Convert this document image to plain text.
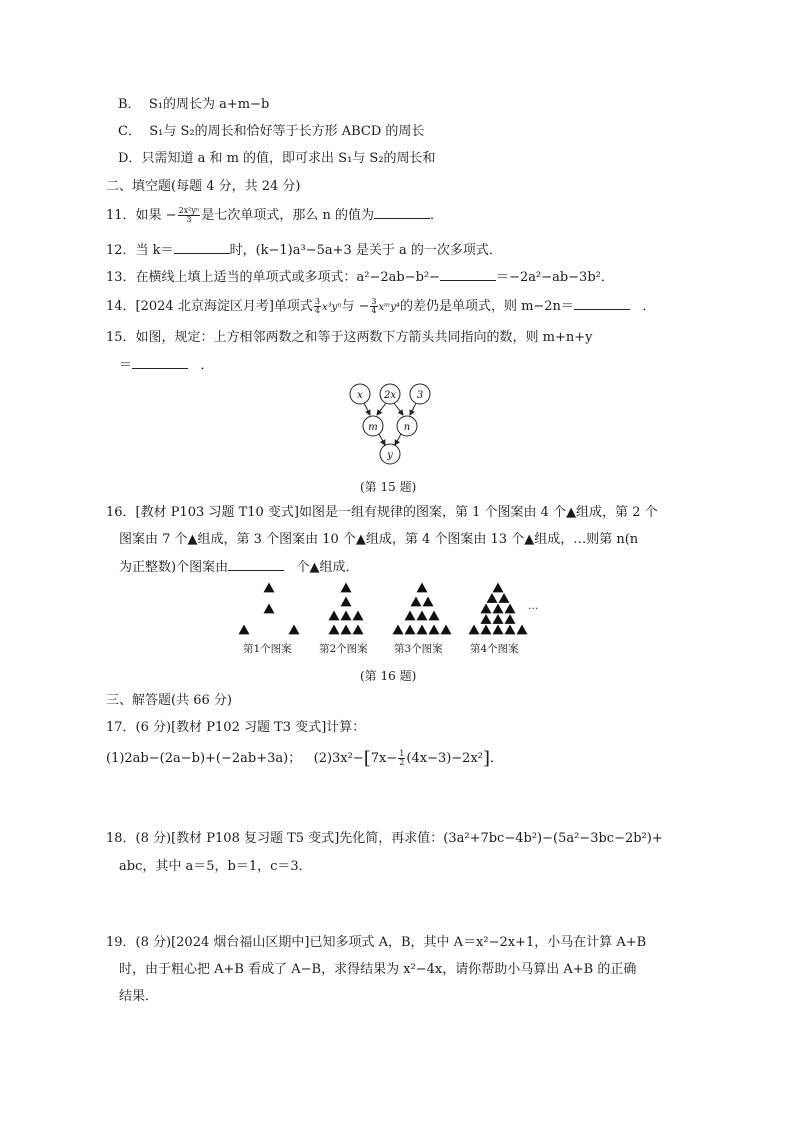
B． S₁的周长为 a+m−b
C． S₁与 S₂的周长和恰好等于长方形 ABCD 的周长
D．只需知道 a 和 m 的值，即可求出 S₁与 S₂的周长和
二、填空题(每题 4 分，共 24 分)
11．如果 − $\frac{\text{2x²yⁿ}}{3}$ 是七次单项式，那么 n 的值为	．
12．当 k＝	时，(k−1)a³−5a+3 是关于 a 的一次多项式．
13．在横线上填上适当的单项式或多项式：a²−2ab−b²−	＝−2a²−ab−3b²．
14．[2024 北京海淀区月考]单项式 $\frac{3}{4} x^3y^n$与 − $\frac{3}{4}$ xᵐy⁴的差仍是单项式，则 m−2n＝	．
15．如图，规定：上方相邻两数之和等于这两数下方箭头共同指向的数，则 m+n+y
＝	．
x 2x 3
m	n
y
(第 15 题)
16．[教材 P103 习题 T10 变式]如图是一组有规律的图案，第 1 个图案由 4 个▲组成，第 2 个
图案由 7 个▲组成，第 3 个图案由 10 个▲组成，第 4 个图案由 13 个▲组成，…则第 n(n
为正整数)个图案由	个▲组成．
第1个图案	第2个图案	第3个图案	第4个图案
…
(第 16 题)
三、解答题(共 66 分)
17．(6 分)[教材 P102 习题 T3 变式]计算：
(1)2ab−(2a−b)+(−2ab+3a)； $(2)3x^2-[7x- \frac{1}{2} (4x-3)-2x^2]$．
18．(8 分)[教材 P108 复习题 T5 变式]先化简，再求值：(3a²+7bc−4b²)−(5a²−3bc−2b²)+
abc，其中 a＝5，b＝1，c＝3．
19．(8 分)[2024 烟台福山区期中]已知多项式 A，B，其中 A＝x²−2x+1，小马在计算 A+B
时，由于粗心把 A+B 看成了 A−B，求得结果为 x²−4x，请你帮助小马算出 A+B 的正确
结果．
